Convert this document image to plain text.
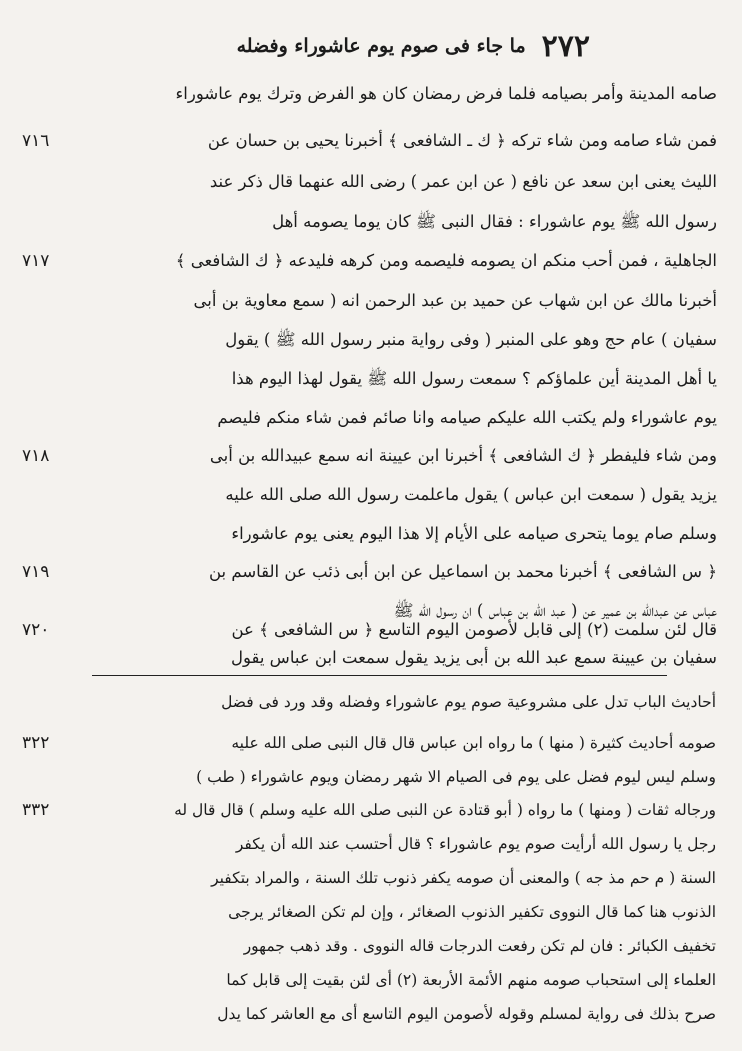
٢٧٢
ما جاء فى صوم يوم عاشوراء وفضله
صامه المدينة وأمر بصيامه فلما فرض رمضان كان هو الفرض وترك يوم عاشوراء
٧١٦	فمن شاء صامه ومن شاء تركه ﴿ ك ـ الشافعى ﴾ أخبرنا يحيى بن حسان عن
الليث يعنى ابن سعد عن نافع ( عن ابن عمر ) رضى الله عنهما قال ذكر عند
رسول الله ﷺ يوم عاشوراء : فقال النبى ﷺ كان يوما يصومه أهل
٧١٧	الجاهلية ، فمن أحب منكم ان يصومه فليصمه ومن كرهه فليدعه ﴿ ك الشافعى ﴾
أخبرنا مالك عن ابن شهاب عن حميد بن عبد الرحمن انه ( سمع معاوية بن أبى
سفيان ) عام حج وهو على المنبر ( وفى رواية منبر رسول الله ﷺ ) يقول
يا أهل المدينة أين علماؤكم ؟ سمعت رسول الله ﷺ يقول لهذا اليوم هذا
يوم عاشوراء ولم يكتب الله عليكم صيامه وانا صائم فمن شاء منكم فليصم
٧١٨	ومن شاء فليفطر ﴿ ك الشافعى ﴾ أخبرنا ابن عيينة انه سمع عبيدالله بن أبى
يزيد يقول ( سمعت ابن عباس ) يقول ماعلمت رسول الله صلى الله عليه
وسلم صام يوما يتحرى صيامه على الأيام إلا هذا اليوم يعنى يوم عاشوراء
٧١٩	﴿ س الشافعى ﴾ أخبرنا محمد بن اسماعيل عن ابن أبى ذئب عن القاسم بن
عباس عن عبدالله بن عمير عن ( عبد الله بن عباس ) ان رسول الله ﷺ
٧٢٠	قال لئن سلمت (٢) إلى قابل لأصومن اليوم التاسع ﴿ س الشافعى ﴾ عن
سفيان بن عيينة سمع عبد الله بن أبى يزيد يقول سمعت ابن عباس يقول
أحاديث الباب تدل على مشروعية صوم يوم عاشوراء وفضله وقد ورد فى فضل
٣٢٢	صومه أحاديث كثيرة ( منها ) ما رواه ابن عباس قال قال النبى صلى الله عليه
وسلم ليس ليوم فضل على يوم فى الصيام الا شهر رمضان ويوم عاشوراء ( طب )
٣٣٢	ورجاله ثقات ( ومنها ) ما رواه ( أبو قتادة عن النبى صلى الله عليه وسلم ) قال قال له
رجل يا رسول الله أرأيت صوم يوم عاشوراء ؟ قال أحتسب عند الله أن يكفر
السنة ( م حم مذ جه ) والمعنى أن صومه يكفر ذنوب تلك السنة ، والمراد بتكفير
الذنوب هنا كما قال النووى تكفير الذنوب الصغائر ، وإن لم تكن الصغائر يرجى
تخفيف الكبائر : فان لم تكن رفعت الدرجات قاله النووى . وقد ذهب جمهور
العلماء إلى استحباب صومه منهم الأئمة الأربعة (٢) أى لئن بقيت إلى قابل كما
صرح بذلك فى رواية لمسلم وقوله لأصومن اليوم التاسع أى مع العاشر كما يدل
